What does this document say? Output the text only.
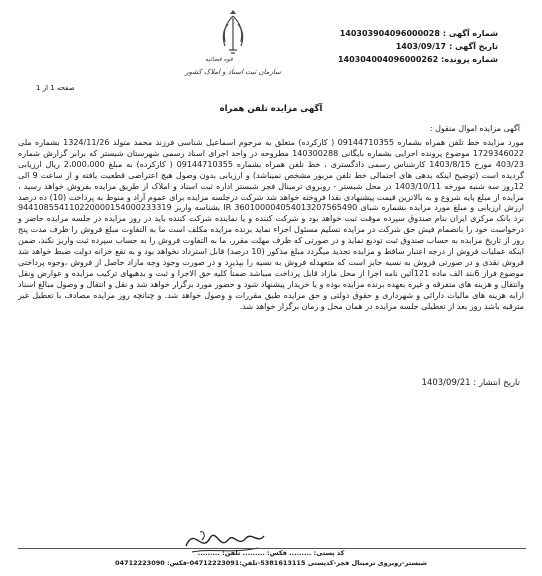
شماره آگهی :
140303904096000028
تاریخ آگهی :
1403/09/17
شماره پرونده:
140304004096000262
قوه قضائیه
سازمان ثبت اسناد و املاک کشور
صفحه 1 از 1
آگهی مزایده تلفن همراه
آگهی مزایده اموال منقول :
مورد مزایده خط تلفن همراه بشماره 09144710355 ( کارکرده) متعلق به مرحوم اسماعیل شناسی فرزند محمد متولد 1324/11/26 بشماره ملی 1729346022 موضوع پرونده اجرایی بشماره بایگانی 140300288 مطروحه در واحد اجرای اسناد رسمی شهرستان شبستر که برابر گزارش شماره 403/23 مورخ 1403/8/15 کارشناس رسمی دادگستری ، خط تلفن همراه بشماره 09144710355 ( کارکرده) به مبلغ 2،000،000 ریال ارزیابی گردیده است (توضیح اینکه بدهی های احتمالی خط تلفن مزبور مشخص نمیباشد) و ارزیابی بدون وصول هیچ اعتراضی قطعیت یافته و از ساعت 9 الی 12روز سه شنبه مورخه 1403/10/11 در محل شبستر - روبروی ترمینال فجر شبستر اداره ثبت اسناد و املاک از طریق مزایده بفروش خواهد رسید ، مزایده از مبلغ پایه شروع و به بالاترین قیمت پیشنهادی نقدا فروخته خواهد شد شرکت درجلسه مزایده برای عموم آزاد و منوط به پرداخت (10) ده درصد ارزش ارزیابی و مبلغ مورد مزایده بشماره شبای 360100004054013207565490 IR بشناسه واریز 944108554110220000154000233319 نزد بانک مرکزی ایران بنام صندوق سپرده موقت ثبت خواهد بود و شرکت کننده و یا نماینده شرکت کننده باید در روز مزایده در جلسه مزایده حاضر و درخواست خود را بانضمام فیش حق شرکت در مزایده تسلیم مسئول اجراء نماید برنده مزایده مکلف است ما به التفاوت مبلغ فروش را ظرف مدت پنج روز از تاریخ مزایده به حساب صندوق ثبت تودیع نماید و در صورتی که ظرف مهلت مقرر، ما به التفاوت فروش را به حساب سپرده ثبت واریز نکند، ضمن اینکه عملیات فروش از درجه اعتبار ساقط و مزایده تجدید میگردد مبلغ مذکور (10 درصد) قابل استرداد نخواهد بود و به نفع خزانه دولت ضبط خواهد شد فروش نقدی و در صورتی فروش به نسیه جایز است که متعهدله فروش به نسیه را بپذیرد و در صورت وجود وجه مازاد حاصل از فروش ،وجوه پرداختی موضوع فراز 6بند الف ماده 121آئین نامه اجرا از محل مازاد قابل پرداخت میباشد ضمناً کلیه حق الاجرا و ثبت و بدهیهای ترکیب مزایده و عوارض ونقل وانتقال و هزینه های متفرقه و غیره بعهده برنده مزایده بوده و یا خریدار پیشنهاد شود و حضور مورد برگزار خواهد شد و نقل و انتقال و وصول مبالغ اسناد ارایه هزینه های مالیات دارائی و شهرداری و حقوق دولتی و حق مزایده طبق مقررات و وصول خواهد شد. و چنانچه روز مزایده مصادف با تعطیل غیر مترقبه باشد روز بعد از تعطیلی جلسه مزایده در همان محل و زمان برگزار خواهد شد.
تاریخ انتشار : 1403/09/21
کد پستی: ......... فکس: ......... تلفن: .........
شبستر-روبروی ترمینال فجر-کدپستی 5381613115-تلفن:04712223091-فکس: 04712223090
